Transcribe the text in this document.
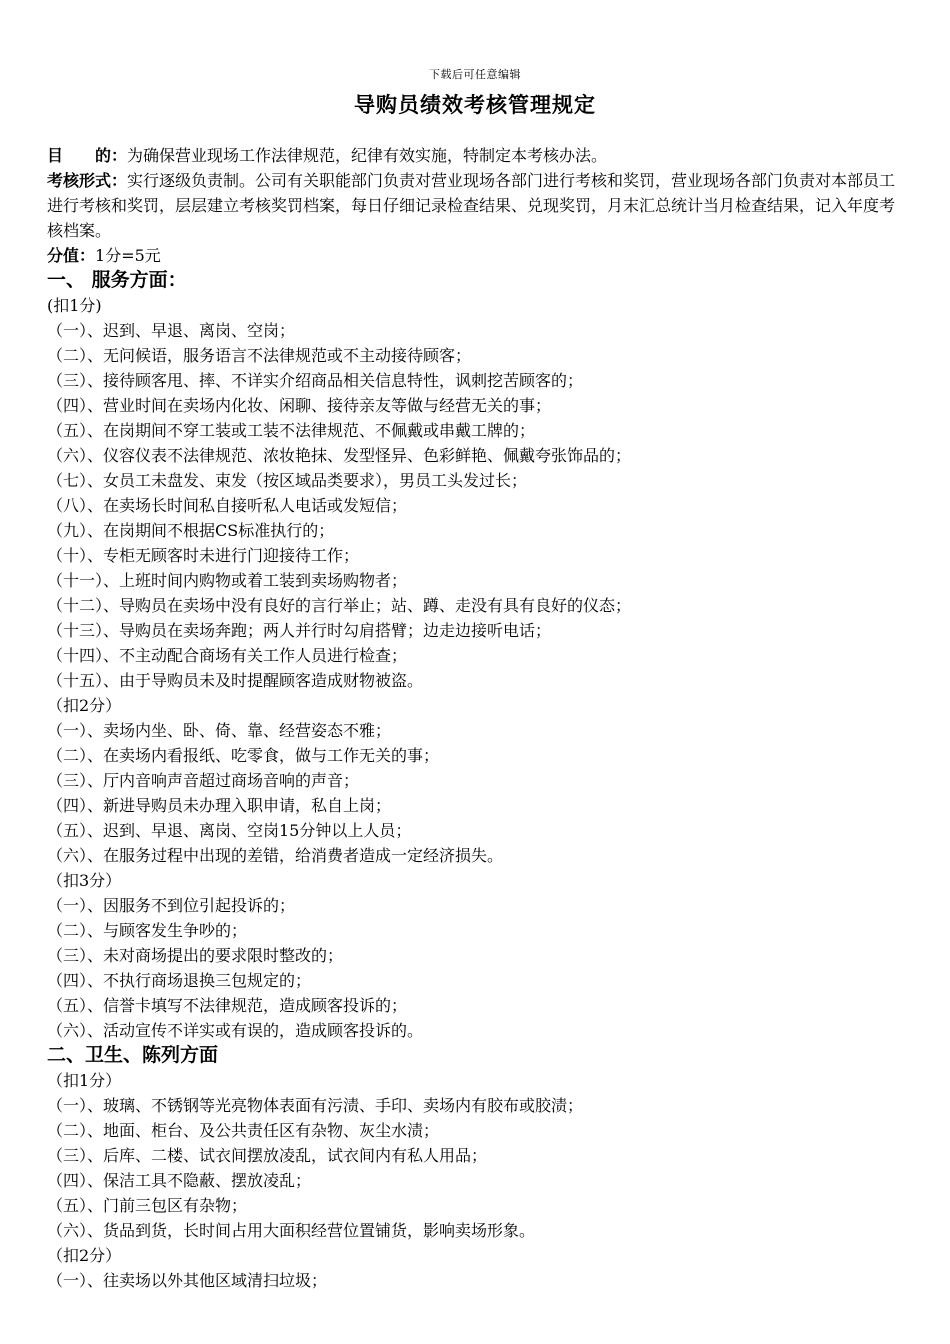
下载后可任意编辑
导购员绩效考核管理规定
目　　的：为确保营业现场工作法律规范，纪律有效实施，特制定本考核办法。
考核形式：实行逐级负责制。公司有关职能部门负责对营业现场各部门进行考核和奖罚，营业现场各部门负责对本部员工进行考核和奖罚，层层建立考核奖罚档案，每日仔细记录检查结果、兑现奖罚，月末汇总统计当月检查结果，记入年度考核档案。
分值：1分=5元
一、 服务方面：
(扣1分)
（一）、迟到、早退、离岗、空岗；
（二）、无问候语，服务语言不法律规范或不主动接待顾客；
（三）、接待顾客甩、摔、不详实介绍商品相关信息特性，讽刺挖苦顾客的；
（四）、营业时间在卖场内化妆、闲聊、接待亲友等做与经营无关的事；
（五）、在岗期间不穿工装或工装不法律规范、不佩戴或串戴工牌的；
（六）、仪容仪表不法律规范、浓妆艳抹、发型怪异、色彩鲜艳、佩戴夸张饰品的；
（七）、女员工未盘发、束发（按区域品类要求），男员工头发过长；
（八）、在卖场长时间私自接听私人电话或发短信；
（九）、在岗期间不根据CS标准执行的；
（十）、专柜无顾客时未进行门迎接待工作；
（十一）、上班时间内购物或着工装到卖场购物者；
（十二）、导购员在卖场中没有良好的言行举止；站、蹲、走没有具有良好的仪态；
（十三）、导购员在卖场奔跑；两人并行时勾肩搭臂；边走边接听电话；
（十四）、不主动配合商场有关工作人员进行检查；
（十五）、由于导购员未及时提醒顾客造成财物被盗。
（扣2分）
（一）、卖场内坐、卧、倚、靠、经营姿态不雅；
（二）、在卖场内看报纸、吃零食，做与工作无关的事；
（三）、厅内音响声音超过商场音响的声音；
（四）、新进导购员未办理入职申请，私自上岗；
（五）、迟到、早退、离岗、空岗15分钟以上人员；
（六）、在服务过程中出现的差错，给消费者造成一定经济损失。
（扣3分）
（一）、因服务不到位引起投诉的；
（二）、与顾客发生争吵的；
（三）、未对商场提出的要求限时整改的；
（四）、不执行商场退换三包规定的；
（五）、信誉卡填写不法律规范，造成顾客投诉的；
（六）、活动宣传不详实或有误的，造成顾客投诉的。
二、卫生、陈列方面
（扣1分）
（一）、玻璃、不锈钢等光亮物体表面有污渍、手印、卖场内有胶布或胶渍；
（二）、地面、柜台、及公共责任区有杂物、灰尘水渍；
（三）、后库、二楼、试衣间摆放凌乱，试衣间内有私人用品；
（四）、保洁工具不隐蔽、摆放凌乱；
（五）、门前三包区有杂物；
（六）、货品到货，长时间占用大面积经营位置铺货，影响卖场形象。
（扣2分）
（一）、往卖场以外其他区域清扫垃圾；
